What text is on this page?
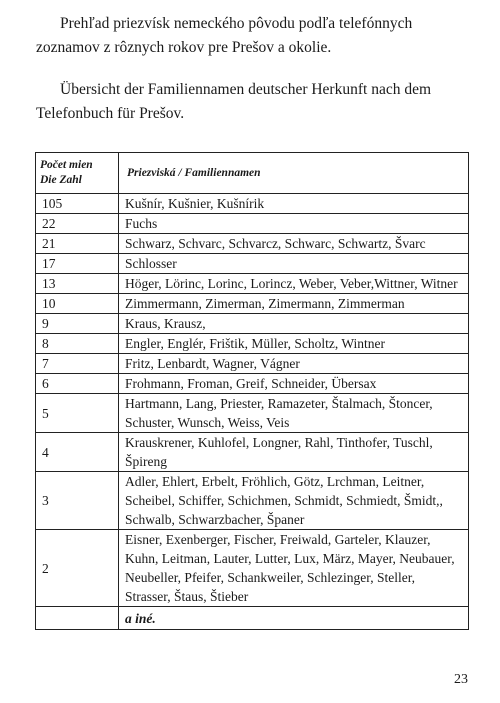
Prehľad priezvísk nemeckého pôvodu podľa telefónnych zoznamov z rôznych rokov pre Prešov a okolie.

Übersicht der Familiennamen deutscher Herkunft nach dem Telefonbuch für Prešov.

Počet mien
Die Zahl	Priezviská / Familiennamen
105	Kušnír, Kušnier, Kušnírik
22	Fuchs
21	Schwarz, Schvarc, Schvarcz, Schwarc, Schwartz, Švarc
17	Schlosser
13	Höger, Lörinc, Lorinc, Lorincz, Weber, Veber,Wittner, Witner
10	Zimmermann, Zimerman, Zimermann, Zimmerman
9	Kraus, Krausz,
8	Engler, Englér, Frištik, Müller, Scholtz, Wintner
7	Fritz, Lenbardt, Wagner, Vágner
6	Frohmann, Froman, Greif, Schneider, Übersax
5	Hartmann, Lang, Priester, Ramazeter, Štalmach, Štoncer, Schuster, Wunsch, Weiss, Veis
4	Krauskrener, Kuhlofel, Longner, Rahl, Tinthofer, Tuschl, Špireng
3	Adler, Ehlert, Erbelt, Fröhlich, Götz, Lrchman, Leitner, Scheibel, Schiffer, Schichmen, Schmidt, Schmiedt, Šmidt,, Schwalb, Schwarzbacher, Španer
2	Eisner, Exenberger, Fischer, Freiwald, Garteler, Klauzer, Kuhn, Leitman, Lauter, Lutter, Lux, März, Mayer, Neubauer, Neubeller, Pfeifer, Schankweiler, Schlezinger, Steller, Strasser, Štaus, Štieber
	a iné.
23
